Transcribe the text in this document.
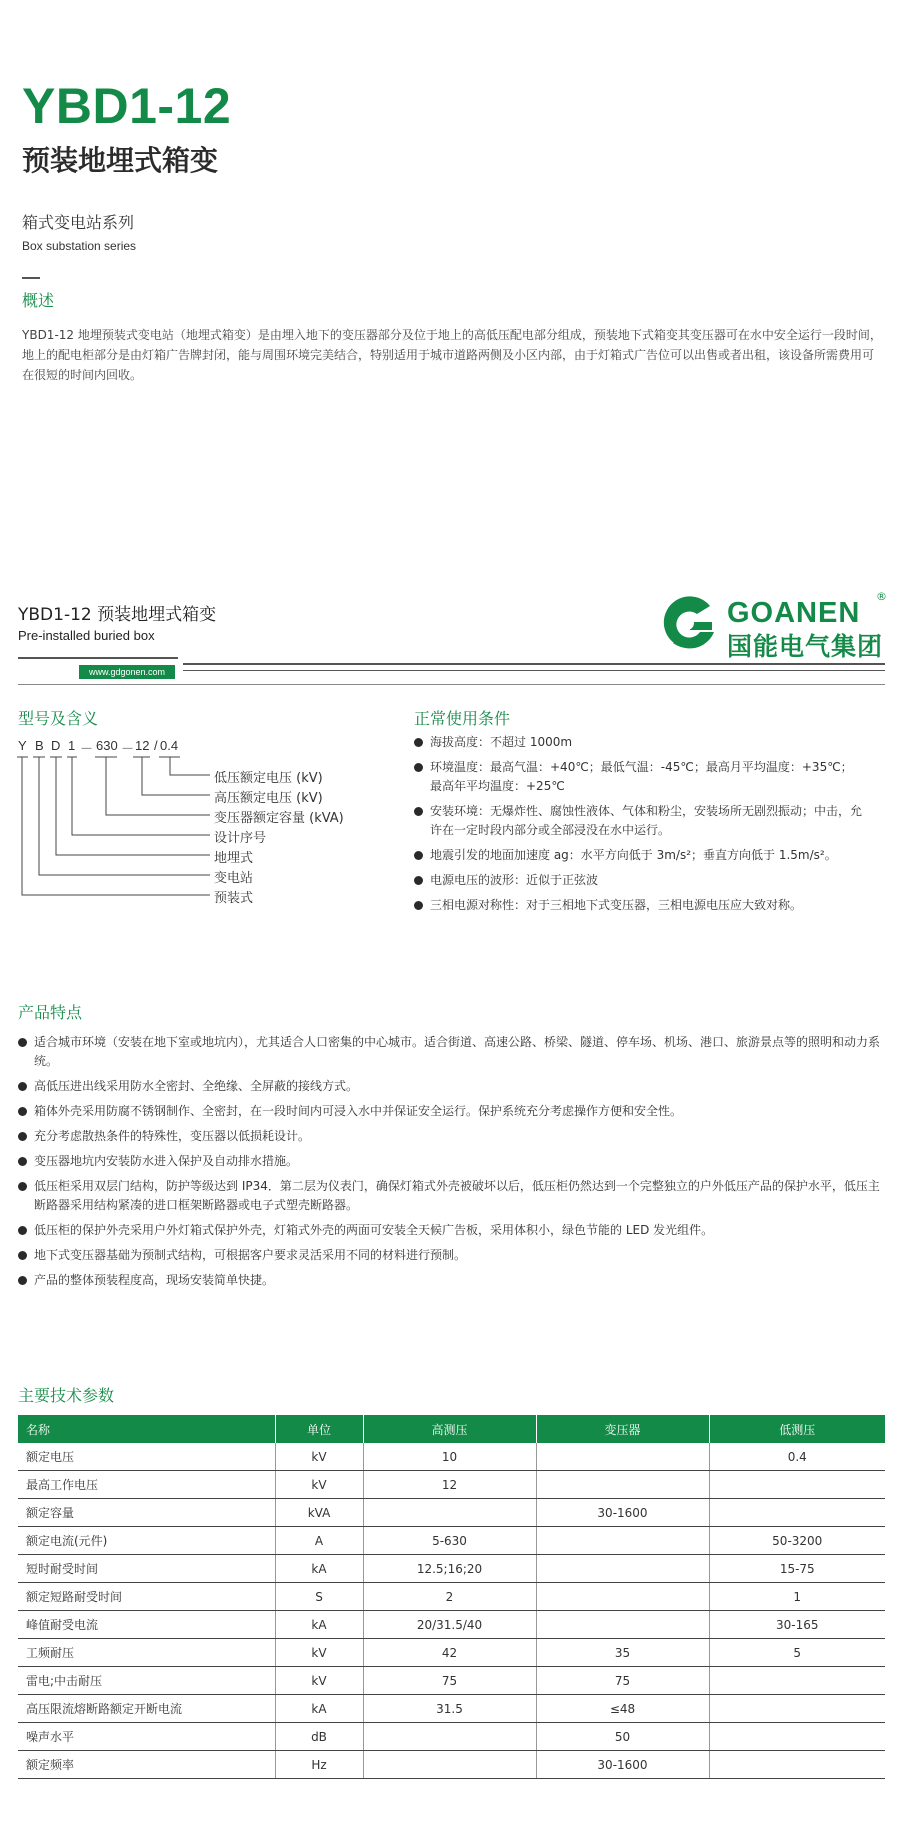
YBD1-12
预装地埋式箱变
箱式变电站系列
Box substation series
概述
YBD1-12 地埋预装式变电站（地埋式箱变）是由埋入地下的变压器部分及位于地上的高低压配电部分组成，预装地下式箱变其变压器可在水中安全运行一段时间，地上的配电柜部分是由灯箱广告牌封闭，能与周围环境完美结合，特别适用于城市道路两侧及小区内部，由于灯箱式广告位可以出售或者出租，该设备所需费用可在很短的时间内回收。
YBD1-12 预装地埋式箱变
Pre-installed buried box
www.gdgonen.com
GOANEN
国能电气集团
®
型号及含义
Y B D 1 － 630 － 12 / 0.4
低压额定电压 (kV)
高压额定电压 (kV)
变压器额定容量 (kVA)
设计序号
地埋式
变电站
预装式
正常使用条件
海拔高度：不超过 1000m
环境温度：最高气温：+40℃；最低气温：-45℃；最高月平均温度：+35℃；最高年平均温度：+25℃
安装环境：无爆炸性、腐蚀性液体、气体和粉尘，安装场所无剧烈振动；中击，允许在一定时段内部分或全部浸没在水中运行。
地震引发的地面加速度 ag：水平方向低于 3m/s²；垂直方向低于 1.5m/s²。
电源电压的波形：近似于正弦波
三相电源对称性：对于三相地下式变压器，三相电源电压应大致对称。
产品特点
适合城市环境（安装在地下室或地坑内），尤其适合人口密集的中心城市。适合街道、高速公路、桥梁、隧道、停车场、机场、港口、旅游景点等的照明和动力系统。
高低压进出线采用防水全密封、全绝缘、全屏蔽的接线方式。
箱体外壳采用防腐不锈钢制作、全密封，在一段时间内可浸入水中并保证安全运行。保护系统充分考虑操作方便和安全性。
充分考虑散热条件的特殊性，变压器以低损耗设计。
变压器地坑内安装防水进入保护及自动排水措施。
低压柜采用双层门结构，防护等级达到 IP34．第二层为仪表门，确保灯箱式外壳被破坏以后，低压柜仍然达到一个完整独立的户外低压产品的保护水平，低压主断路器采用结构紧凑的进口框架断路器或电子式塑壳断路器。
低压柜的保护外壳采用户外灯箱式保护外壳，灯箱式外壳的两面可安装全天候广告板，采用体积小，绿色节能的 LED 发光组件。
地下式变压器基础为预制式结构，可根据客户要求灵活采用不同的材料进行预制。
产品的整体预装程度高，现场安装简单快捷。
主要技术参数
名称	单位	高测压	变压器	低测压
额定电压	kV	10		0.4
最高工作电压	kV	12		
额定容量	kVA		30-1600	
额定电流(元件)	A	5-630		50-3200
短时耐受时间	kA	12.5;16;20		15-75
额定短路耐受时间	S	2		1
峰值耐受电流	kA	20/31.5/40		30-165
工频耐压	kV	42	35	5
雷电;中击耐压	kV	75	75	
高压限流熔断路额定开断电流	kA	31.5	≤48	
噪声水平	dB		50	
额定频率	Hz		30-1600	
